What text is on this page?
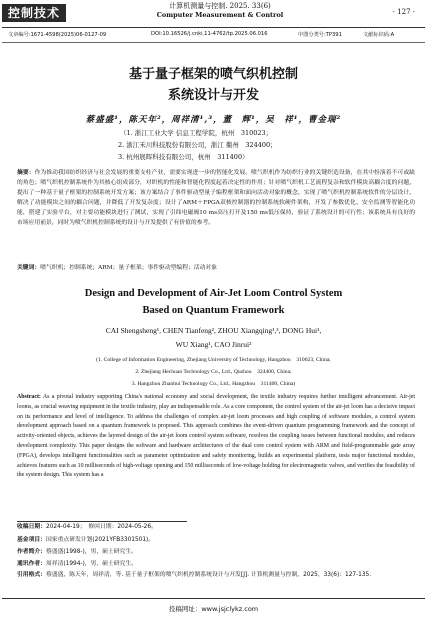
控制技术	计算机测量与控制. 2025. 33(6)
Computer Measurement & Control	· 127 ·
文章编号:1671-4598(2025)06-0127-09	DOI:10.16526/j.cnki.11-4762/tp.2025.06.016	中图分类号:TP391	文献标识码:A
基于量子框架的喷气织机控制
系统设计与开发
蔡盛盛¹，陈天年²，周祥清¹,³，董　辉¹，吴　祥¹，曹金瑞²
（1. 浙江工业大学 信息工程学院，杭州　310023；
2. 浙江禾川科技股份有限公司，浙江 衢州　324400；
3. 杭州展晖科技有限公司，杭州　311400）
摘要：作为推动我国纺织经济与社会发展的重要支柱产业，需要实现进一步的智能化发展。喷气织机作为纺织行业的关键织造设备，在其中扮演着不可或缺的角色；喷气织机控制系统作为其核心组成部分，对织机的性能和智能化程度起着决定性的作用；针对喷气织机工艺流程复杂和软件模块高耦合度的问题，提出了一种基于量子框架的控制系统开发方案；该方案结合了事件驱动型量子编程框架和面向活动对象的概念，实现了喷气织机控制系统软件的分层设计，解决了功能模块之间的耦合问题，并降低了开发复杂度；设计了ARM＋FPGA双核控制器的控制系统软硬件架构，开发了参数优化、安全监测等智能化功能，搭建了实验平台，对主要功能模块进行了测试，实现了引纬电磁阀10 ms高压打开及150 ms低压保持，验证了系统设计的可行性；该系统具有良好的市场应用前景，同时为喷气织机控制系统的设计与开发提供了有价值的参考。
关键词：喷气织机；控制系统；ARM；量子框架；事件驱动型编程；活动对象
Design and Development of Air-Jet Loom Control System
Based on Quantum Framework
CAI Shengsheng¹, CHEN Tianfeng², ZHOU Xiangqing¹,³, DONG Hui¹,
WU Xiang¹, CAO Jinrui²
(1. College of Information Engineering, Zhejiang University of Technology, Hangzhou　310023, China;
2. Zhejiang Hechuan Technology Co., Ltd., Quzhou　324400, China;
3. Hangzhou Zhanhui Technology Co., Ltd., Hangzhou　311400, China)
Abstract: As a pivotal industry supporting China's national economy and social development, the textile industry requires further intelligent advancement. Air-jet looms, as crucial weaving equipment in the textile industry, play an indispensable role. As a core component, the control system of the air-jet loom has a decisive impact on its performance and level of intelligence. To address the challenges of complex air-jet loom processes and high coupling of software modules, a control system development approach based on a quantum framework is proposed. This approach combines the event-driven quantum programming framework and the concept of activity-oriented objects, achieves the layered design of the air-jet loom control system software, resolves the coupling issues between functional modules, and reduces development complexity. This paper designs the software and hardware architectures of the dual core control system with ARM and field-programmable gate array (FPGA), develops intelligent functionalities such as parameter optimization and safety monitoring, builds an experimental platform, tests major functional modules, achieves features such as 10 milliseconds of high-voltage opening and 150 milliseconds of low-voltage holding for electromagnetic valves, and verifies the feasibility of the system design. This system has a
收稿日期：2024-04-19；　修回日期：2024-05-26。
基金项目：国家重点研发计划(2021YFB3301501)。
作者简介：蔡盛盛(1998-)，男，硕士研究生。
通讯作者：周祥清(1994-)，男，硕士研究生。
引用格式：蔡盛盛，陈天年，周祥清，等. 基于量子框架的喷气织机控制系统设计与开发[J]. 计算机测量与控制，2025，33(6)：127-135.
投稿网址：www.jsjclykz.com
